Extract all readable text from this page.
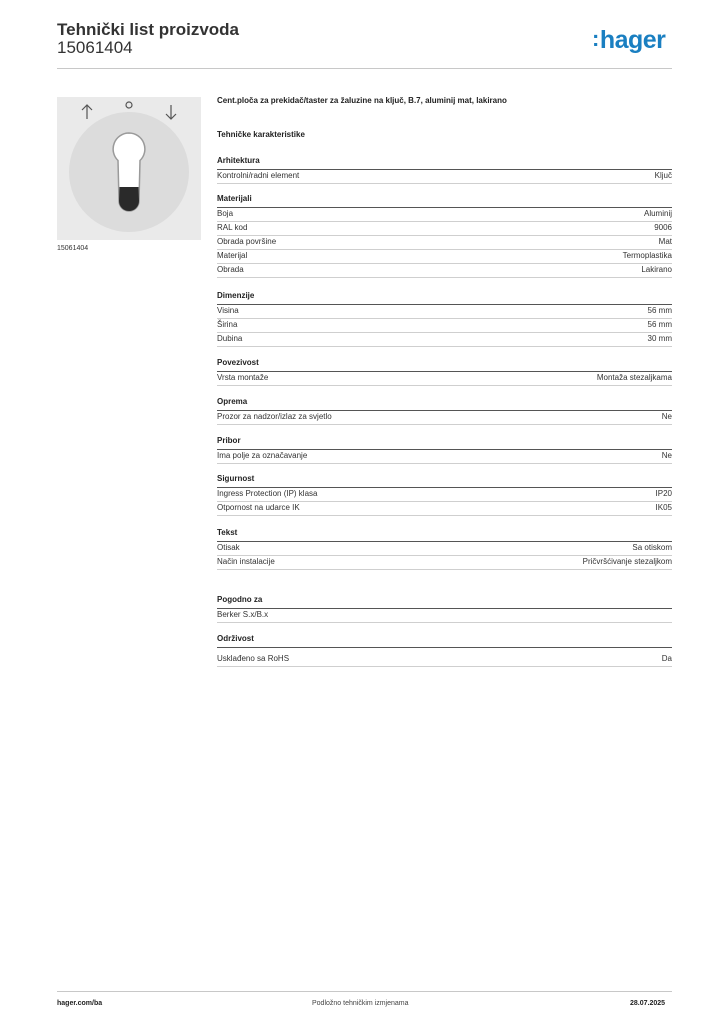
Tehnički list proizvoda
15061404	:hager
15061404
Cent.ploča za prekidač/taster za žaluzine na ključ, B.7, aluminij mat, lakirano
Tehničke karakteristike
Arhitektura
Kontrolni/radni element	Ključ
Materijali
Boja	Aluminij
RAL kod	9006
Obrada površine	Mat
Materijal	Termoplastika
Obrada	Lakirano
Dimenzije
Visina	56 mm
Širina	56 mm
Dubina	30 mm
Povezivost
Vrsta montaže	Montaža stezaljkama
Oprema
Prozor za nadzor/izlaz za svjetlo	Ne
Pribor
Ima polje za označavanje	Ne
Sigurnost
Ingress Protection (IP) klasa	IP20
Otpornost na udarce IK	IK05
Tekst
Otisak	Sa otiskom
Način instalacije	Pričvršćivanje stezaljkom
Pogodno za
Berker S.x/B.x
Održivost
Usklađeno sa RoHS	Da
hager.com/ba	Podložno tehničkim izmjenama	28.07.2025
